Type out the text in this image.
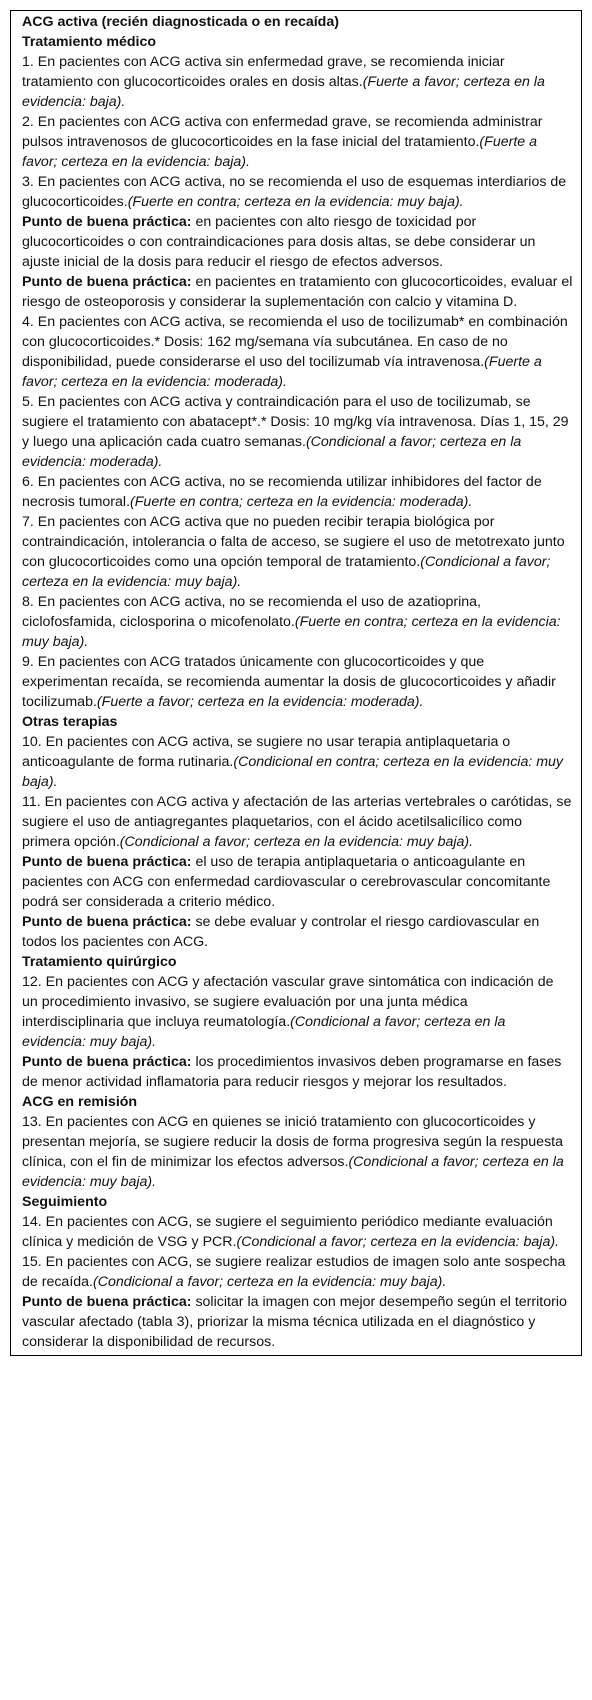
ACG activa (recién diagnosticada o en recaída)

Tratamiento médico

1. En pacientes con ACG activa sin enfermedad grave, se recomienda iniciar tratamiento con glucocorticoides orales en dosis altas.(Fuerte a favor; certeza en la evidencia: baja).

2. En pacientes con ACG activa con enfermedad grave, se recomienda administrar pulsos intravenosos de glucocorticoides en la fase inicial del tratamiento.(Fuerte a favor; certeza en la evidencia: baja).

3. En pacientes con ACG activa, no se recomienda el uso de esquemas interdiarios de glucocorticoides.(Fuerte en contra; certeza en la evidencia: muy baja).

Punto de buena práctica: en pacientes con alto riesgo de toxicidad por glucocorticoides o con contraindicaciones para dosis altas, se debe considerar un ajuste inicial de la dosis para reducir el riesgo de efectos adversos.

Punto de buena práctica: en pacientes en tratamiento con glucocorticoides, evaluar el riesgo de osteoporosis y considerar la suplementación con calcio y vitamina D.

4. En pacientes con ACG activa, se recomienda el uso de tocilizumab* en combinación con glucocorticoides.* Dosis: 162 mg/semana vía subcutánea. En caso de no disponibilidad, puede considerarse el uso del tocilizumab vía intravenosa.(Fuerte a favor; certeza en la evidencia: moderada).

5. En pacientes con ACG activa y contraindicación para el uso de tocilizumab, se sugiere el tratamiento con abatacept*.* Dosis: 10 mg/kg vía intravenosa. Días 1, 15, 29 y luego una aplicación cada cuatro semanas.(Condicional a favor; certeza en la evidencia: moderada).

6. En pacientes con ACG activa, no se recomienda utilizar inhibidores del factor de necrosis tumoral.(Fuerte en contra; certeza en la evidencia: moderada).

7. En pacientes con ACG activa que no pueden recibir terapia biológica por contraindicación, intolerancia o falta de acceso, se sugiere el uso de metotrexato junto con glucocorticoides como una opción temporal de tratamiento.(Condicional a favor; certeza en la evidencia: muy baja).

8. En pacientes con ACG activa, no se recomienda el uso de azatioprina, ciclofosfamida, ciclosporina o micofenolato.(Fuerte en contra; certeza en la evidencia: muy baja).

9. En pacientes con ACG tratados únicamente con glucocorticoides y que experimentan recaída, se recomienda aumentar la dosis de glucocorticoides y añadir tocilizumab.(Fuerte a favor; certeza en la evidencia: moderada).

Otras terapias

10. En pacientes con ACG activa, se sugiere no usar terapia antiplaquetaria o anticoagulante de forma rutinaria.(Condicional en contra; certeza en la evidencia: muy baja).

11. En pacientes con ACG activa y afectación de las arterias vertebrales o carótidas, se sugiere el uso de antiagregantes plaquetarios, con el ácido acetilsalicílico como primera opción.(Condicional a favor; certeza en la evidencia: muy baja).

Punto de buena práctica: el uso de terapia antiplaquetaria o anticoagulante en pacientes con ACG con enfermedad cardiovascular o cerebrovascular concomitante podrá ser considerada a criterio médico.

Punto de buena práctica: se debe evaluar y controlar el riesgo cardiovascular en todos los pacientes con ACG.

Tratamiento quirúrgico

12. En pacientes con ACG y afectación vascular grave sintomática con indicación de un procedimiento invasivo, se sugiere evaluación por una junta médica interdisciplinaria que incluya reumatología.(Condicional a favor; certeza en la evidencia: muy baja).

Punto de buena práctica: los procedimientos invasivos deben programarse en fases de menor actividad inflamatoria para reducir riesgos y mejorar los resultados.

ACG en remisión

13. En pacientes con ACG en quienes se inició tratamiento con glucocorticoides y presentan mejoría, se sugiere reducir la dosis de forma progresiva según la respuesta clínica, con el fin de minimizar los efectos adversos.(Condicional a favor; certeza en la evidencia: muy baja).

Seguimiento

14. En pacientes con ACG, se sugiere el seguimiento periódico mediante evaluación clínica y medición de VSG y PCR.(Condicional a favor; certeza en la evidencia: baja).

15. En pacientes con ACG, se sugiere realizar estudios de imagen solo ante sospecha de recaída.(Condicional a favor; certeza en la evidencia: muy baja).

Punto de buena práctica: solicitar la imagen con mejor desempeño según el territorio vascular afectado (tabla 3), priorizar la misma técnica utilizada en el diagnóstico y considerar la disponibilidad de recursos.
